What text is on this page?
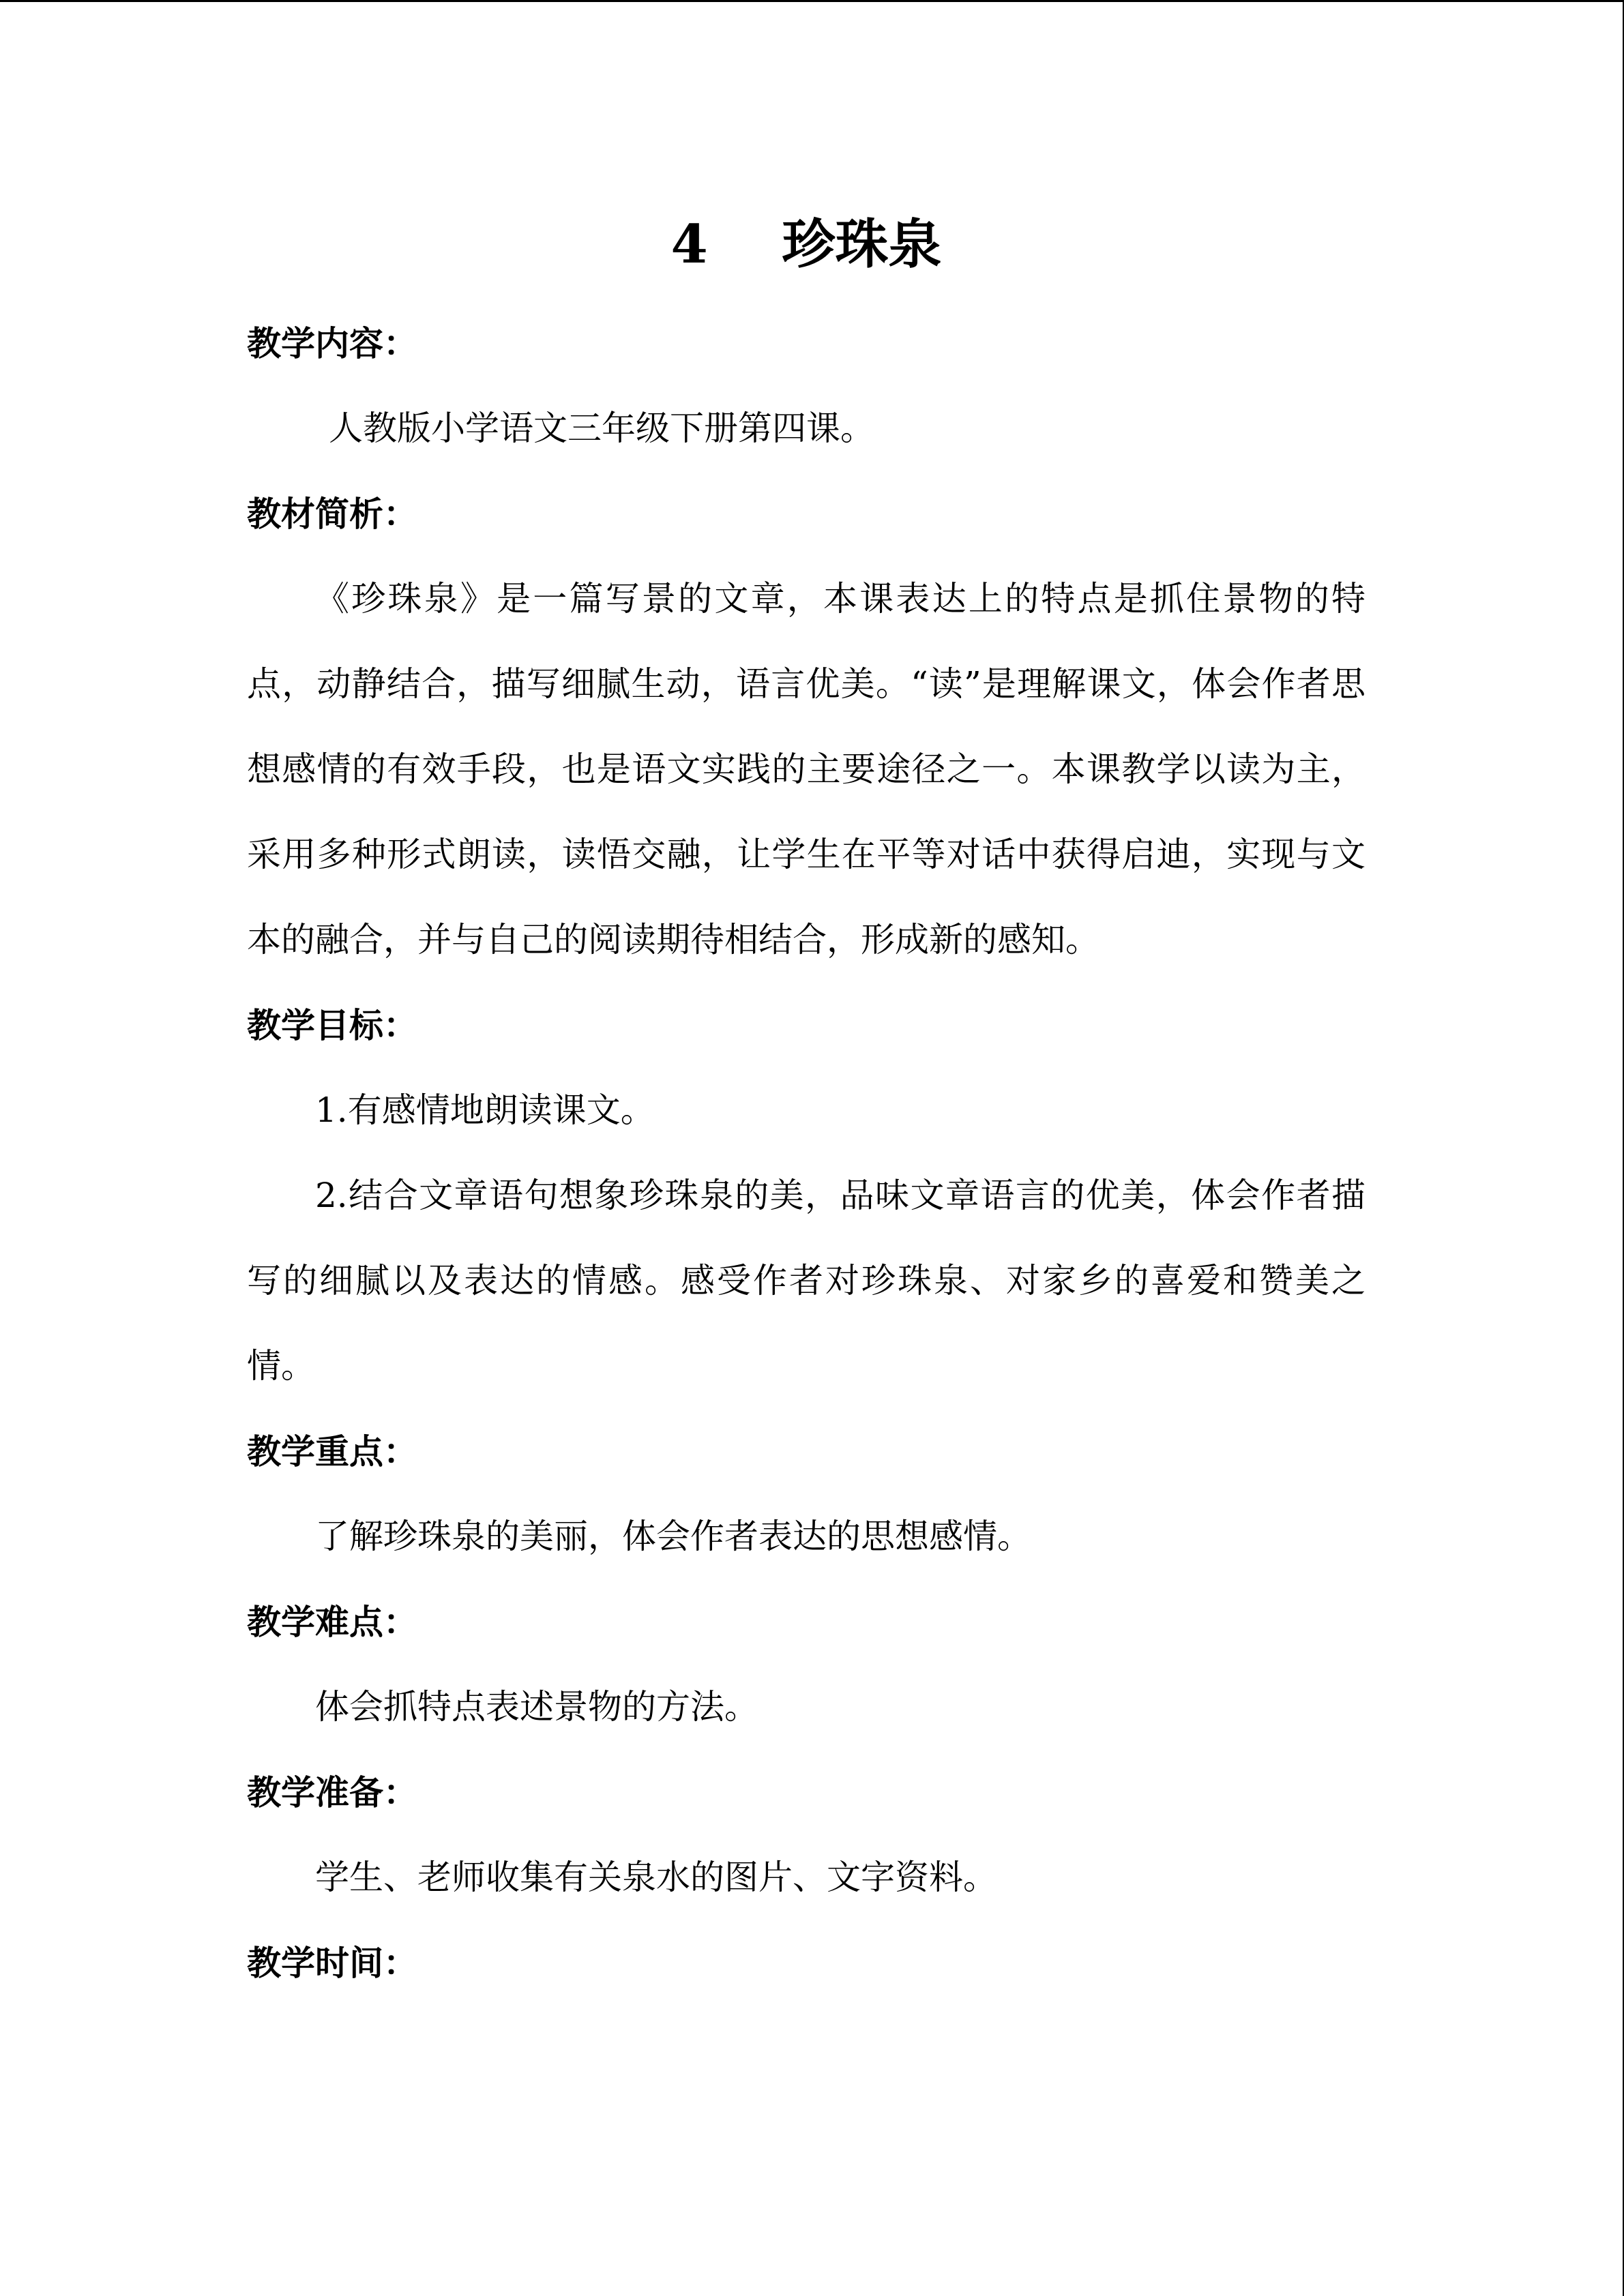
4    珍珠泉

教学内容：

人教版小学语文三年级下册第四课。

教材简析：

《珍珠泉》是一篇写景的文章，本课表达上的特点是抓住景物的特点，动静结合，描写细腻生动，语言优美。“读”是理解课文，体会作者思想感情的有效手段，也是语文实践的主要途径之一。本课教学以读为主，采用多种形式朗读，读悟交融，让学生在平等对话中获得启迪，实现与文本的融合，并与自己的阅读期待相结合，形成新的感知。

教学目标：

1.有感情地朗读课文。

2.结合文章语句想象珍珠泉的美，品味文章语言的优美，体会作者描写的细腻以及表达的情感。感受作者对珍珠泉、对家乡的喜爱和赞美之情。

教学重点：

了解珍珠泉的美丽，体会作者表达的思想感情。

教学难点：

体会抓特点表述景物的方法。

教学准备：

学生、老师收集有关泉水的图片、文字资料。

教学时间：
